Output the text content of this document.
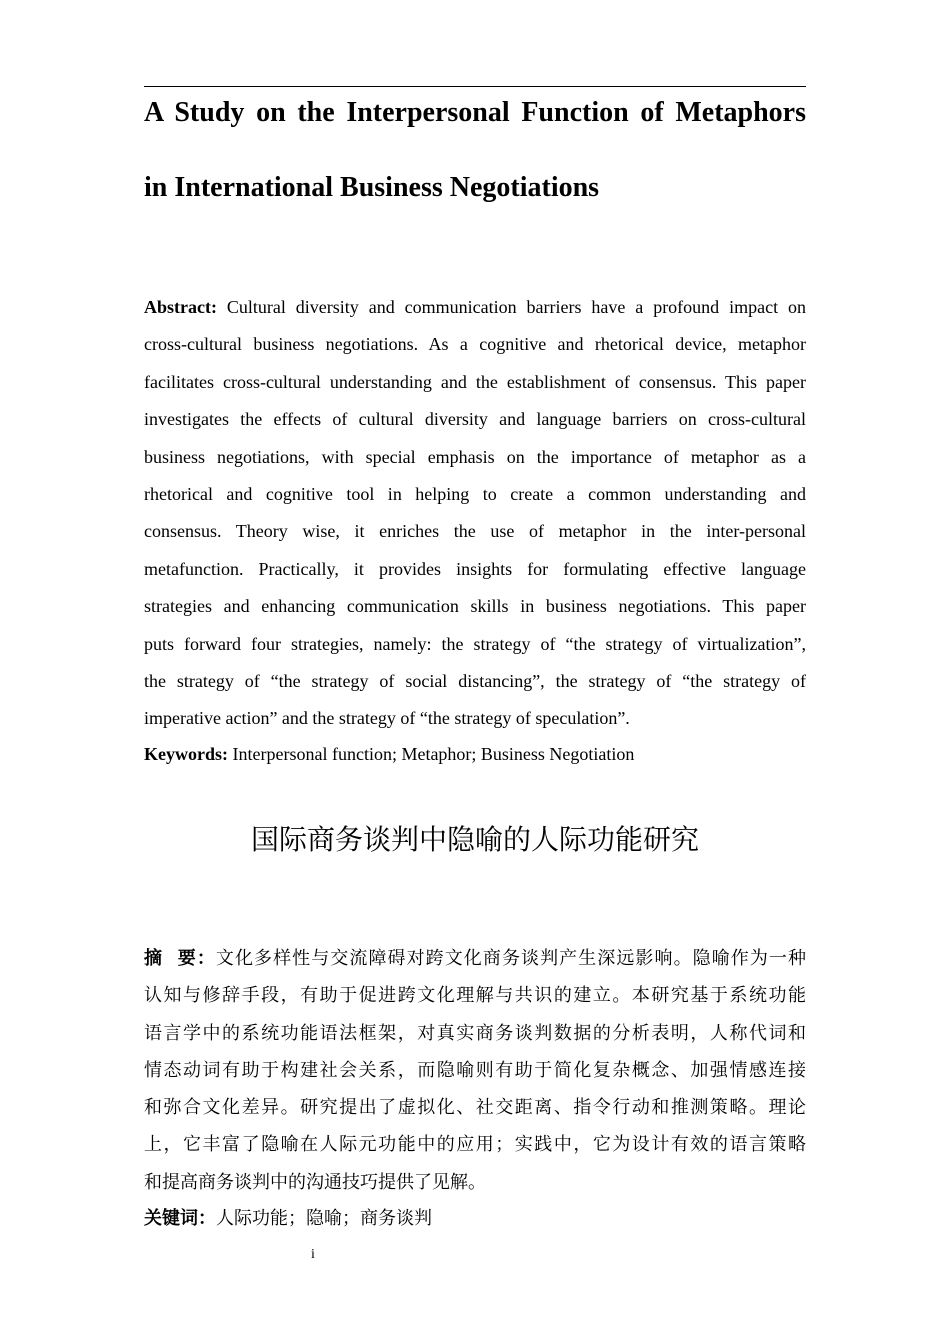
A Study on the Interpersonal Function of Metaphors
in International Business Negotiations
Abstract: Cultural diversity and communication barriers have a profound impact on
cross-cultural business negotiations. As a cognitive and rhetorical device, metaphor
facilitates cross-cultural understanding and the establishment of consensus. This paper
investigates the effects of cultural diversity and language barriers on cross-cultural
business negotiations, with special emphasis on the importance of metaphor as a
rhetorical and cognitive tool in helping to create a common understanding and
consensus. Theory wise, it enriches the use of metaphor in the inter-personal
metafunction. Practically, it provides insights for formulating effective language
strategies and enhancing communication skills in business negotiations. This paper
puts forward four strategies, namely: the strategy of “the strategy of virtualization”,
the strategy of “the strategy of social distancing”, the strategy of “the strategy of
imperative action” and the strategy of “the strategy of speculation”.
Keywords: Interpersonal function; Metaphor; Business Negotiation
国际商务谈判中隐喻的人际功能研究
摘  要：文化多样性与交流障碍对跨文化商务谈判产生深远影响。隐喻作为一种
认知与修辞手段，有助于促进跨文化理解与共识的建立。本研究基于系统功能
语言学中的系统功能语法框架，对真实商务谈判数据的分析表明，人称代词和
情态动词有助于构建社会关系，而隐喻则有助于简化复杂概念、加强情感连接
和弥合文化差异。研究提出了虚拟化、社交距离、指令行动和推测策略。理论
上，它丰富了隐喻在人际元功能中的应用；实践中，它为设计有效的语言策略
和提高商务谈判中的沟通技巧提供了见解。
关键词：人际功能；隐喻；商务谈判
i
